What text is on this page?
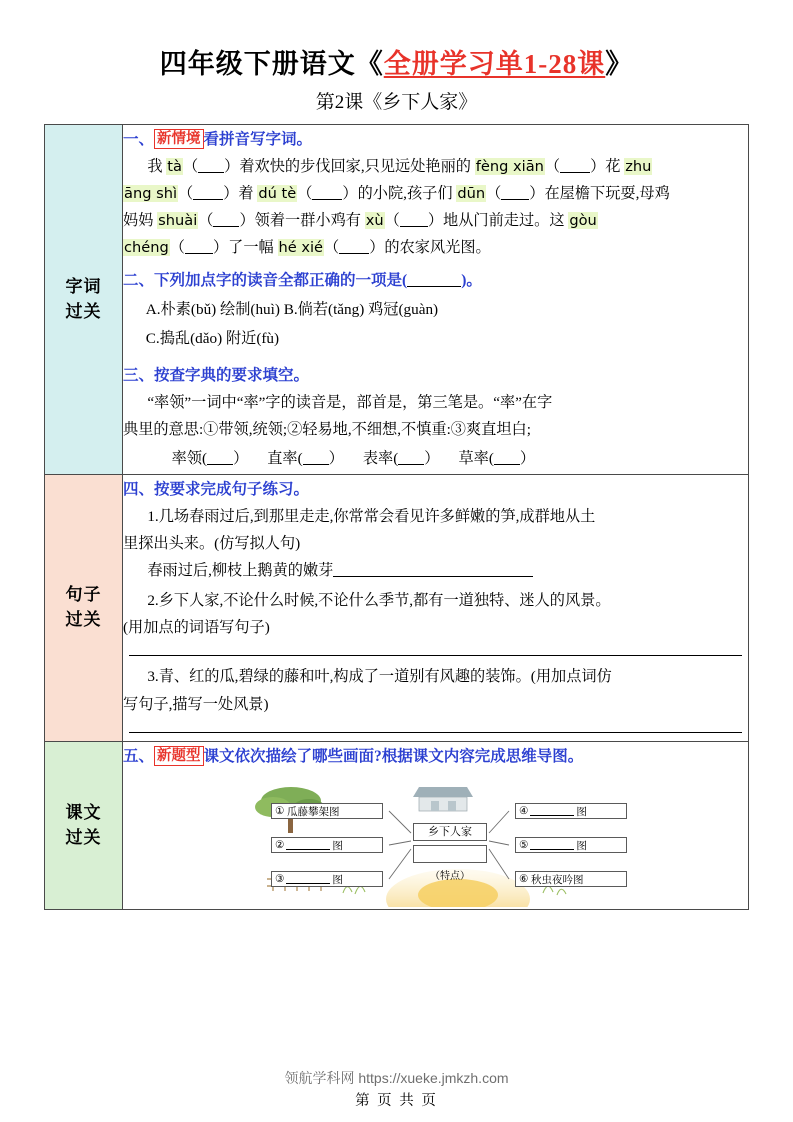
四年级下册语文《全册学习单1-28课》
第2课《乡下人家》
字词
过关	
一、 新情境 看拼音写字词。
我 tà（ ）着欢快的步伐回家,只见远处艳丽的 fèng xiān（ ）花 zhu
āng shì（ ）着 dú tè（ ）的小院,孩子们 dūn（ ）在屋檐下玩耍,母鸡
妈妈 shuài（ ）领着一群小鸡有 xù（ ）地从门前走过。这 gòu
chéng（ ）了一幅 hé xié（ ）的农家风光图。
二、下列加点字的读音全都正确的一项是(	)。
A.朴素(bǔ) 绘制(huì) B.倘若(tǎng) 鸡冠(guàn)
C.搗乱(dǎo) 附近(fù)
三、按查字典的要求填空。
“率领”一词中“率”字的读音是，部首是，第三笔是。“率”在字
典里的意思:①带领,统领;②轻易地,不细想,不慎重:③爽直坦白;
率领( ） 直率( ） 表率( ） 草率( ）

句子
过关	
四、按要求完成句子练习。
1.几场春雨过后,到那里走走,你常常会看见许多鲜嫩的笋,成群地从土
里探出头来。(仿写拟人句)
春雨过后,柳枝上鹅黄的嫩芽
2.乡下人家,不论什么时候,不论什么季节,都有一道独特、迷人的风景。
(用加点的词语写句子)
3.青、红的瓜,碧绿的藤和叶,构成了一道别有风趣的装饰。(用加点词仿
写句子,描写一处风景)

课文
过关	
五、 新题型 课文依次描绘了哪些画面?根据课文内容完成思维导图。
乡下人家
（特点）
①
瓜藤攀架图
②	图
③	图
④	图
⑤	图
⑥
秋虫夜吟图
领航学科网 https://xueke.jmkzh.com
第 页 共 页
